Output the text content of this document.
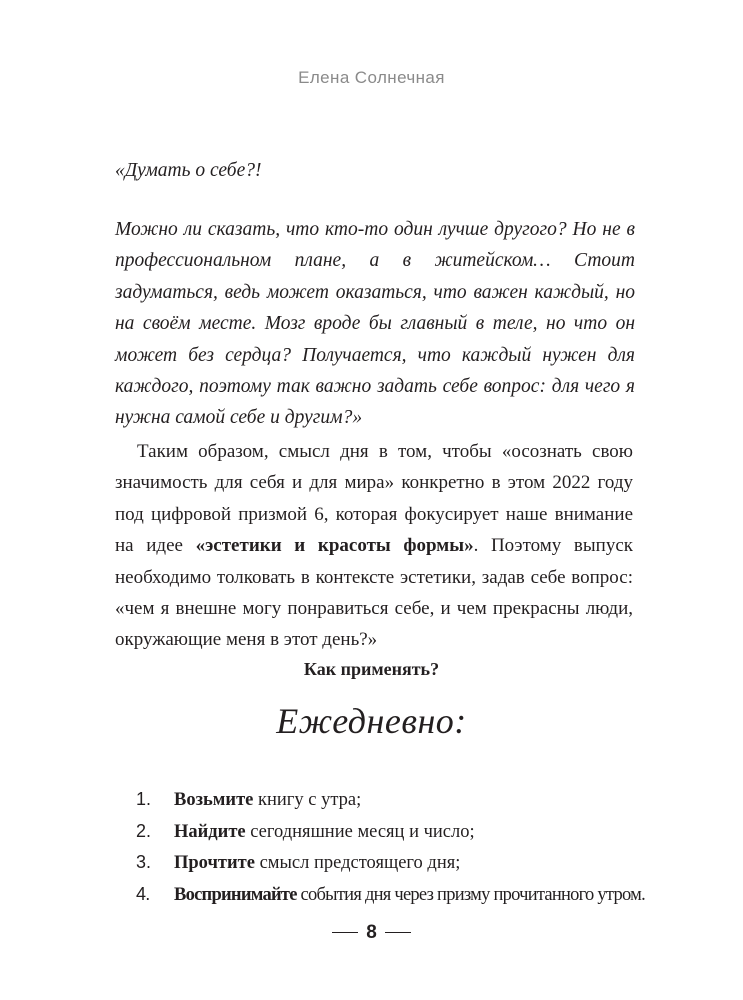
Елена Солнечная

«Думать о себе?!

Можно ли сказать, что кто-то один лучше другого? Но не в профессиональном плане, а в житейском… Стоит задуматься, ведь может оказаться, что важен каждый, но на своём месте. Мозг вроде бы главный в теле, но что он может без сердца? Получается, что каждый нужен для каждого, поэтому так важно задать себе вопрос: для чего я нужна самой себе и другим?»

Таким образом, смысл дня в том, чтобы «осознать свою значимость для себя и для мира» конкретно в этом 2022 году под цифровой призмой 6, которая фокусирует наше внимание на идее «эстетики и красоты формы». Поэтому выпуск необходимо толковать в контексте эстетики, задав себе вопрос: «чем я внешне могу понравиться себе, и чем прекрасны люди, окружающие меня в этот день?»

Как применять?
Ежедневно:
1. Возьмите книгу с утра;
2. Найдите сегодняшние месяц и число;
3. Прочтите смысл предстоящего дня;
4. Воспринимайте события дня через призму прочитанного утром.
8
